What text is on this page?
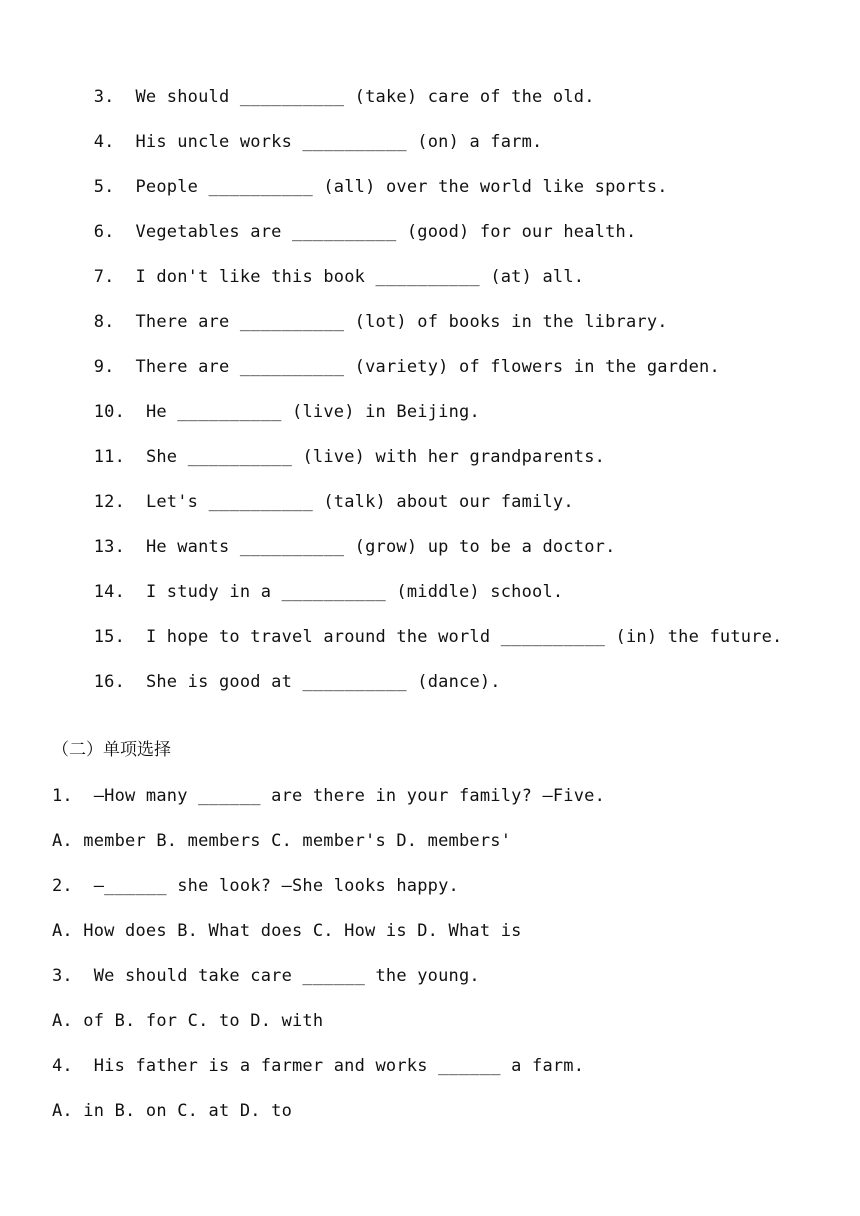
3. We should __________ (take) care of the old.

4. His uncle works __________ (on) a farm.

5. People __________ (all) over the world like sports.

6. Vegetables are __________ (good) for our health.

7. I don't like this book __________ (at) all.

8. There are __________ (lot) of books in the library.

9. There are __________ (variety) of flowers in the garden.

10. He __________ (live) in Beijing.

11. She __________ (live) with her grandparents.

12. Let's __________ (talk) about our family.

13. He wants __________ (grow) up to be a doctor.

14. I study in a __________ (middle) school.

15. I hope to travel around the world __________ (in) the future.

16. She is good at __________ (dance).

（二）单项选择
1.  —How many ______ are there in your family? —Five.
A. member B. members C. member's D. members'
2.  —______ she look? —She looks happy.
A. How does B. What does C. How is D. What is
3.  We should take care ______ the young.
A. of B. for C. to D. with
4.  His father is a farmer and works ______ a farm.
A. in B. on C. at D. to
